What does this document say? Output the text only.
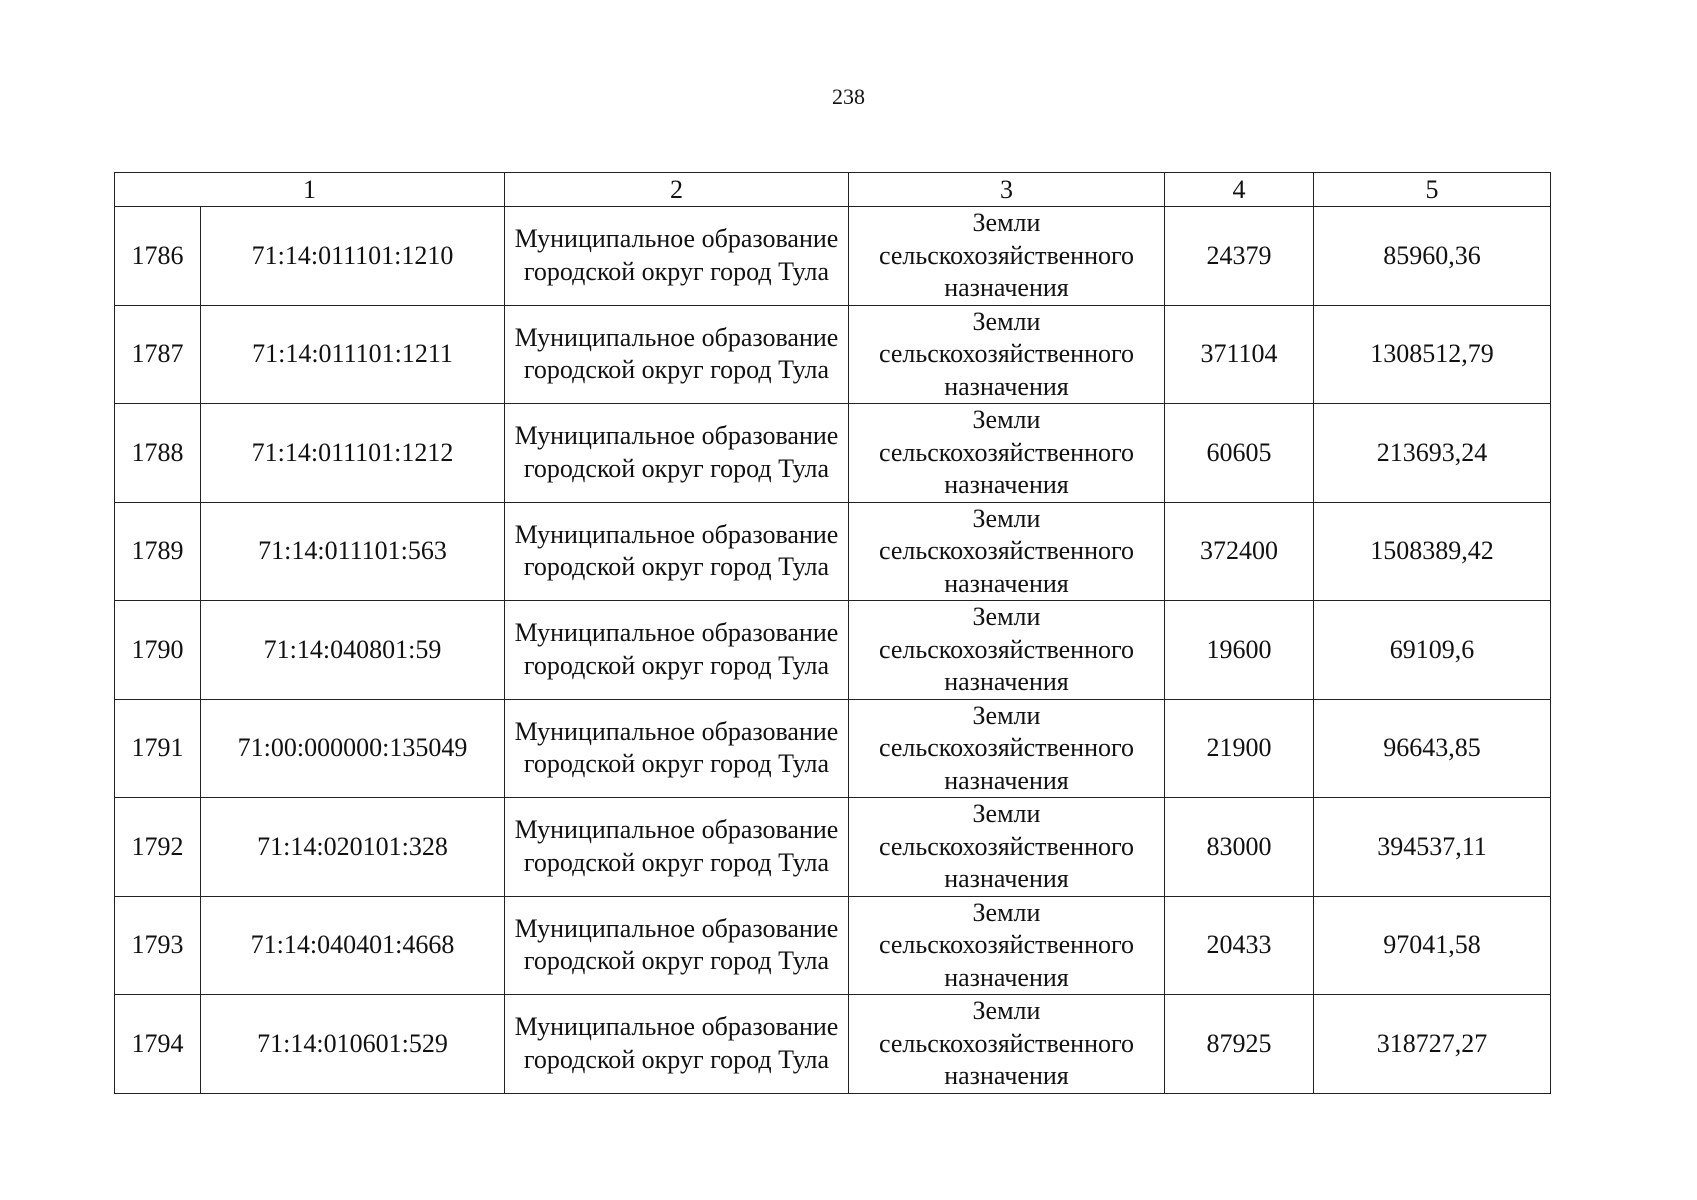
238
1		2	3	4	5
1786	71:14:011101:1210	Муниципальное образование городской округ город Тула	Земли сельскохозяйственного назначения	24379	85960,36
1787	71:14:011101:1211	Муниципальное образование городской округ город Тула	Земли сельскохозяйственного назначения	371104	1308512,79
1788	71:14:011101:1212	Муниципальное образование городской округ город Тула	Земли сельскохозяйственного назначения	60605	213693,24
1789	71:14:011101:563	Муниципальное образование городской округ город Тула	Земли сельскохозяйственного назначения	372400	1508389,42
1790	71:14:040801:59	Муниципальное образование городской округ город Тула	Земли сельскохозяйственного назначения	19600	69109,6
1791	71:00:000000:135049	Муниципальное образование городской округ город Тула	Земли сельскохозяйственного назначения	21900	96643,85
1792	71:14:020101:328	Муниципальное образование городской округ город Тула	Земли сельскохозяйственного назначения	83000	394537,11
1793	71:14:040401:4668	Муниципальное образование городской округ город Тула	Земли сельскохозяйственного назначения	20433	97041,58
1794	71:14:010601:529	Муниципальное образование городской округ город Тула	Земли сельскохозяйственного назначения	87925	318727,27
